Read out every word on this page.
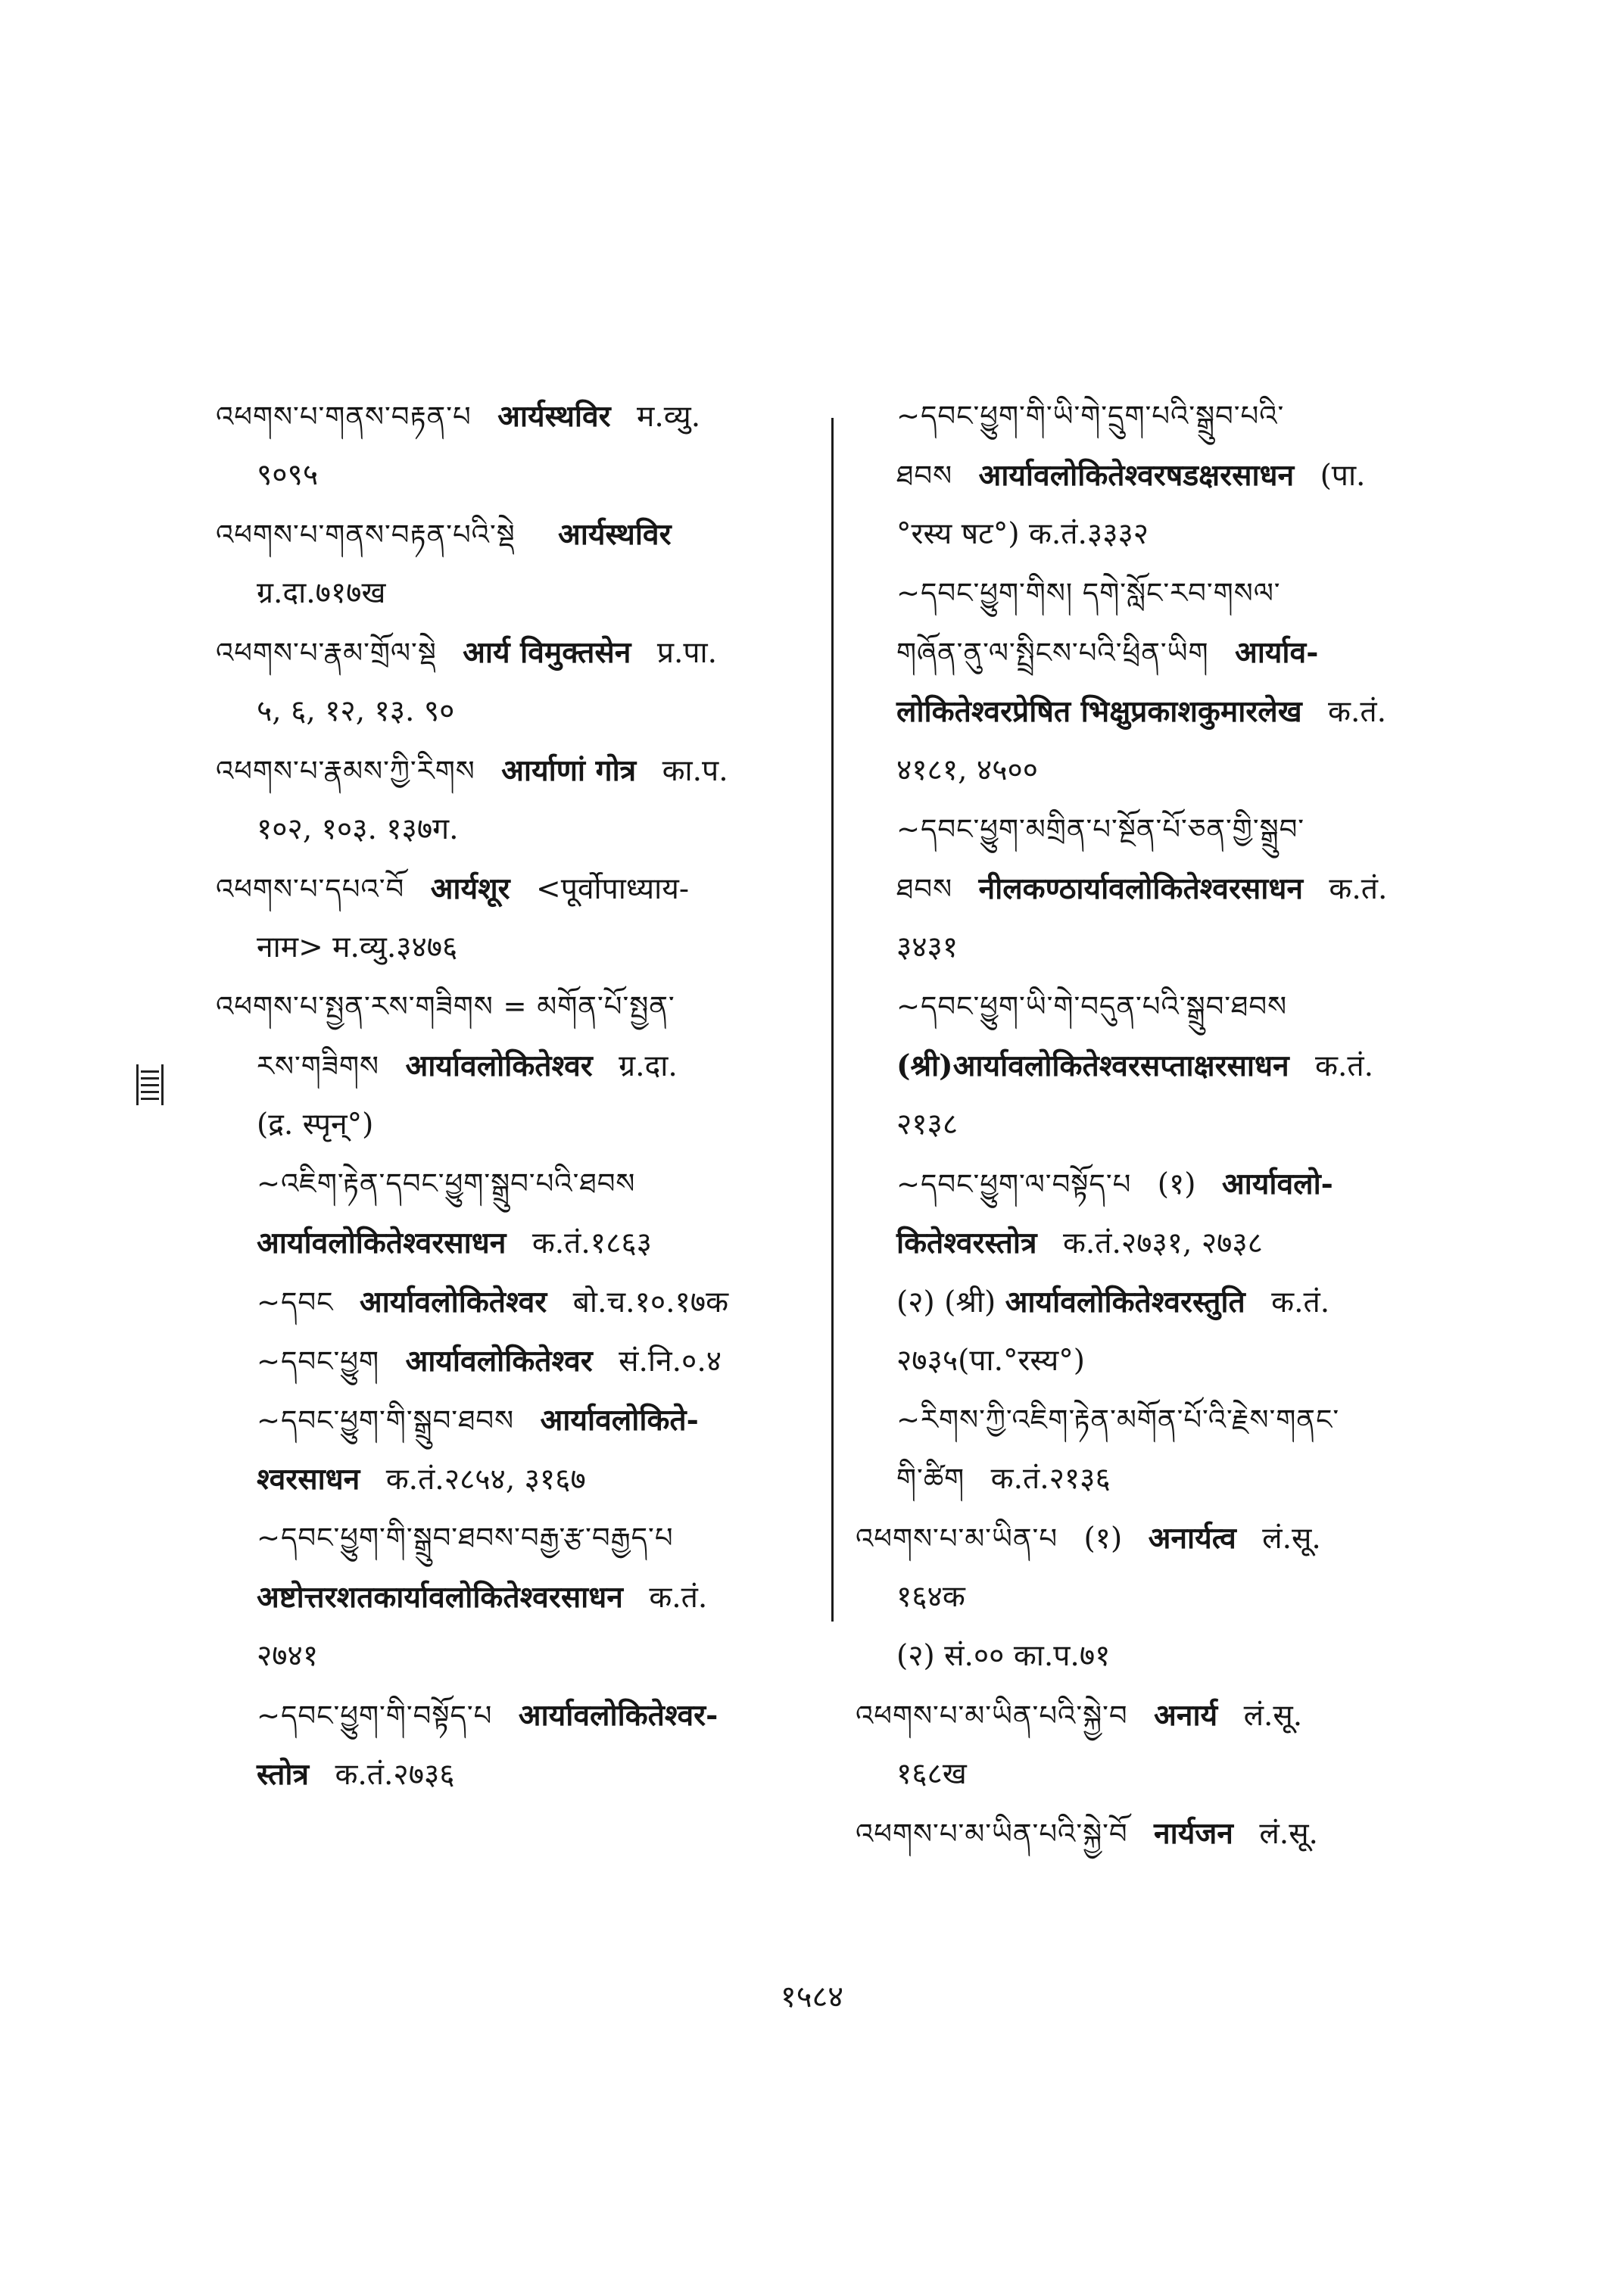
འཕགས་པ་གནས་བརྟན་པ आर्यस्थविर म.व्यु.
९०९५
འཕགས་པ་གནས་བརྟན་པའི་སྡེ आर्यस्थविर
ग्र.दा.७१७ख
འཕགས་པ་རྣམ་གྲོལ་སྡེ आर्य विमुक्तसेन प्र.पा.
५, ६, १२, १३. ९०
འཕགས་པ་རྣམས་ཀྱི་རིགས आर्याणां गोत्र का.प.
१०२, १०३. १३७ग.
འཕགས་པ་དཔའ་བོ आर्यशूर <पूर्वोपाध्याय-
नाम> म.व्यु.३४७६
འཕགས་པ་སྤྱན་རས་གཟིགས = མགོན་པོ་སྤྱན་
རས་གཟིགས आर्यावलोकितेश्वर ग्र.दा.
(द्र. स्पृन्°)
~འཇིག་རྟེན་དབང་ཕྱུག་སྒྲུབ་པའི་ཐབས
आर्यावलोकितेश्वरसाधन क.तं.१८६३
~དབང आर्यावलोकितेश्वर बो.च.१०.१७क
~དབང་ཕྱུག आर्यावलोकितेश्वर सं.नि.०.४
~དབང་ཕྱུག་གི་སྒྲུབ་ཐབས आर्यावलोकिते-
श्वरसाधन क.तं.२८५४, ३१६७
~དབང་ཕྱུག་གི་སྒྲུབ་ཐབས་བརྒྱ་རྩ་བརྒྱད་པ
अष्टोत्तरशतकार्यावलोकितेश्वरसाधन क.तं.
२७४१
~དབང་ཕྱུག་གི་བསྟོད་པ आर्यावलोकितेश्वर-
स्तोत्र क.तं.२७३६
~དབང་ཕྱུག་གི་ཡི་གེ་དྲུག་པའི་སྒྲུབ་པའི་
ཐབས आर्यावलोकितेश्वरषडक्षरसाधन (पा.
°रस्य षट°) क.तं.३३३२
~དབང་ཕྱུག་གིས། དགེ་སློང་རབ་གསལ་
གཞོན་ནུ་ལ་སྤྲིངས་པའི་ཕྲིན་ཡིག आर्याव-
लोकितेश्वरप्रेषित भिक्षुप्रकाशकुमारलेख क.तं.
४१८१, ४५००
~དབང་ཕྱུག་མགྲིན་པ་སྔོན་པོ་ཅན་གྱི་སྒྲུབ་
ཐབས नीलकण्ठार्यावलोकितेश्वरसाधन क.तं.
३४३१
~དབང་ཕྱུག་ཡི་གེ་བདུན་པའི་སྒྲུབ་ཐབས
(श्री)आर्यावलोकितेश्वरसप्ताक्षरसाधन क.तं.
२१३८
~དབང་ཕྱུག་ལ་བསྟོད་པ (१) आर्यावलो-
कितेश्वरस्तोत्र क.तं.२७३१, २७३८
(२) (श्री) आर्यावलोकितेश्वरस्तुति क.तं.
२७३५(पा.°रस्य°)
~རིགས་ཀྱི་འཇིག་རྟེན་མགོན་པོ་འི་རྗེས་གནང་
གི་ཚིག क.तं.२१३६
འཕགས་པ་མ་ཡིན་པ (१) अनार्यत्व लं.सू.
१६४क
(२) सं.०० का.प.७१
འཕགས་པ་མ་ཡིན་པའི་སྐྱེ་བ अनार्य लं.सू.
१६८ख
འཕགས་པ་མ་ཡིན་པའི་སྐྱེ་བོ नार्यजन लं.सू.
१५८४
